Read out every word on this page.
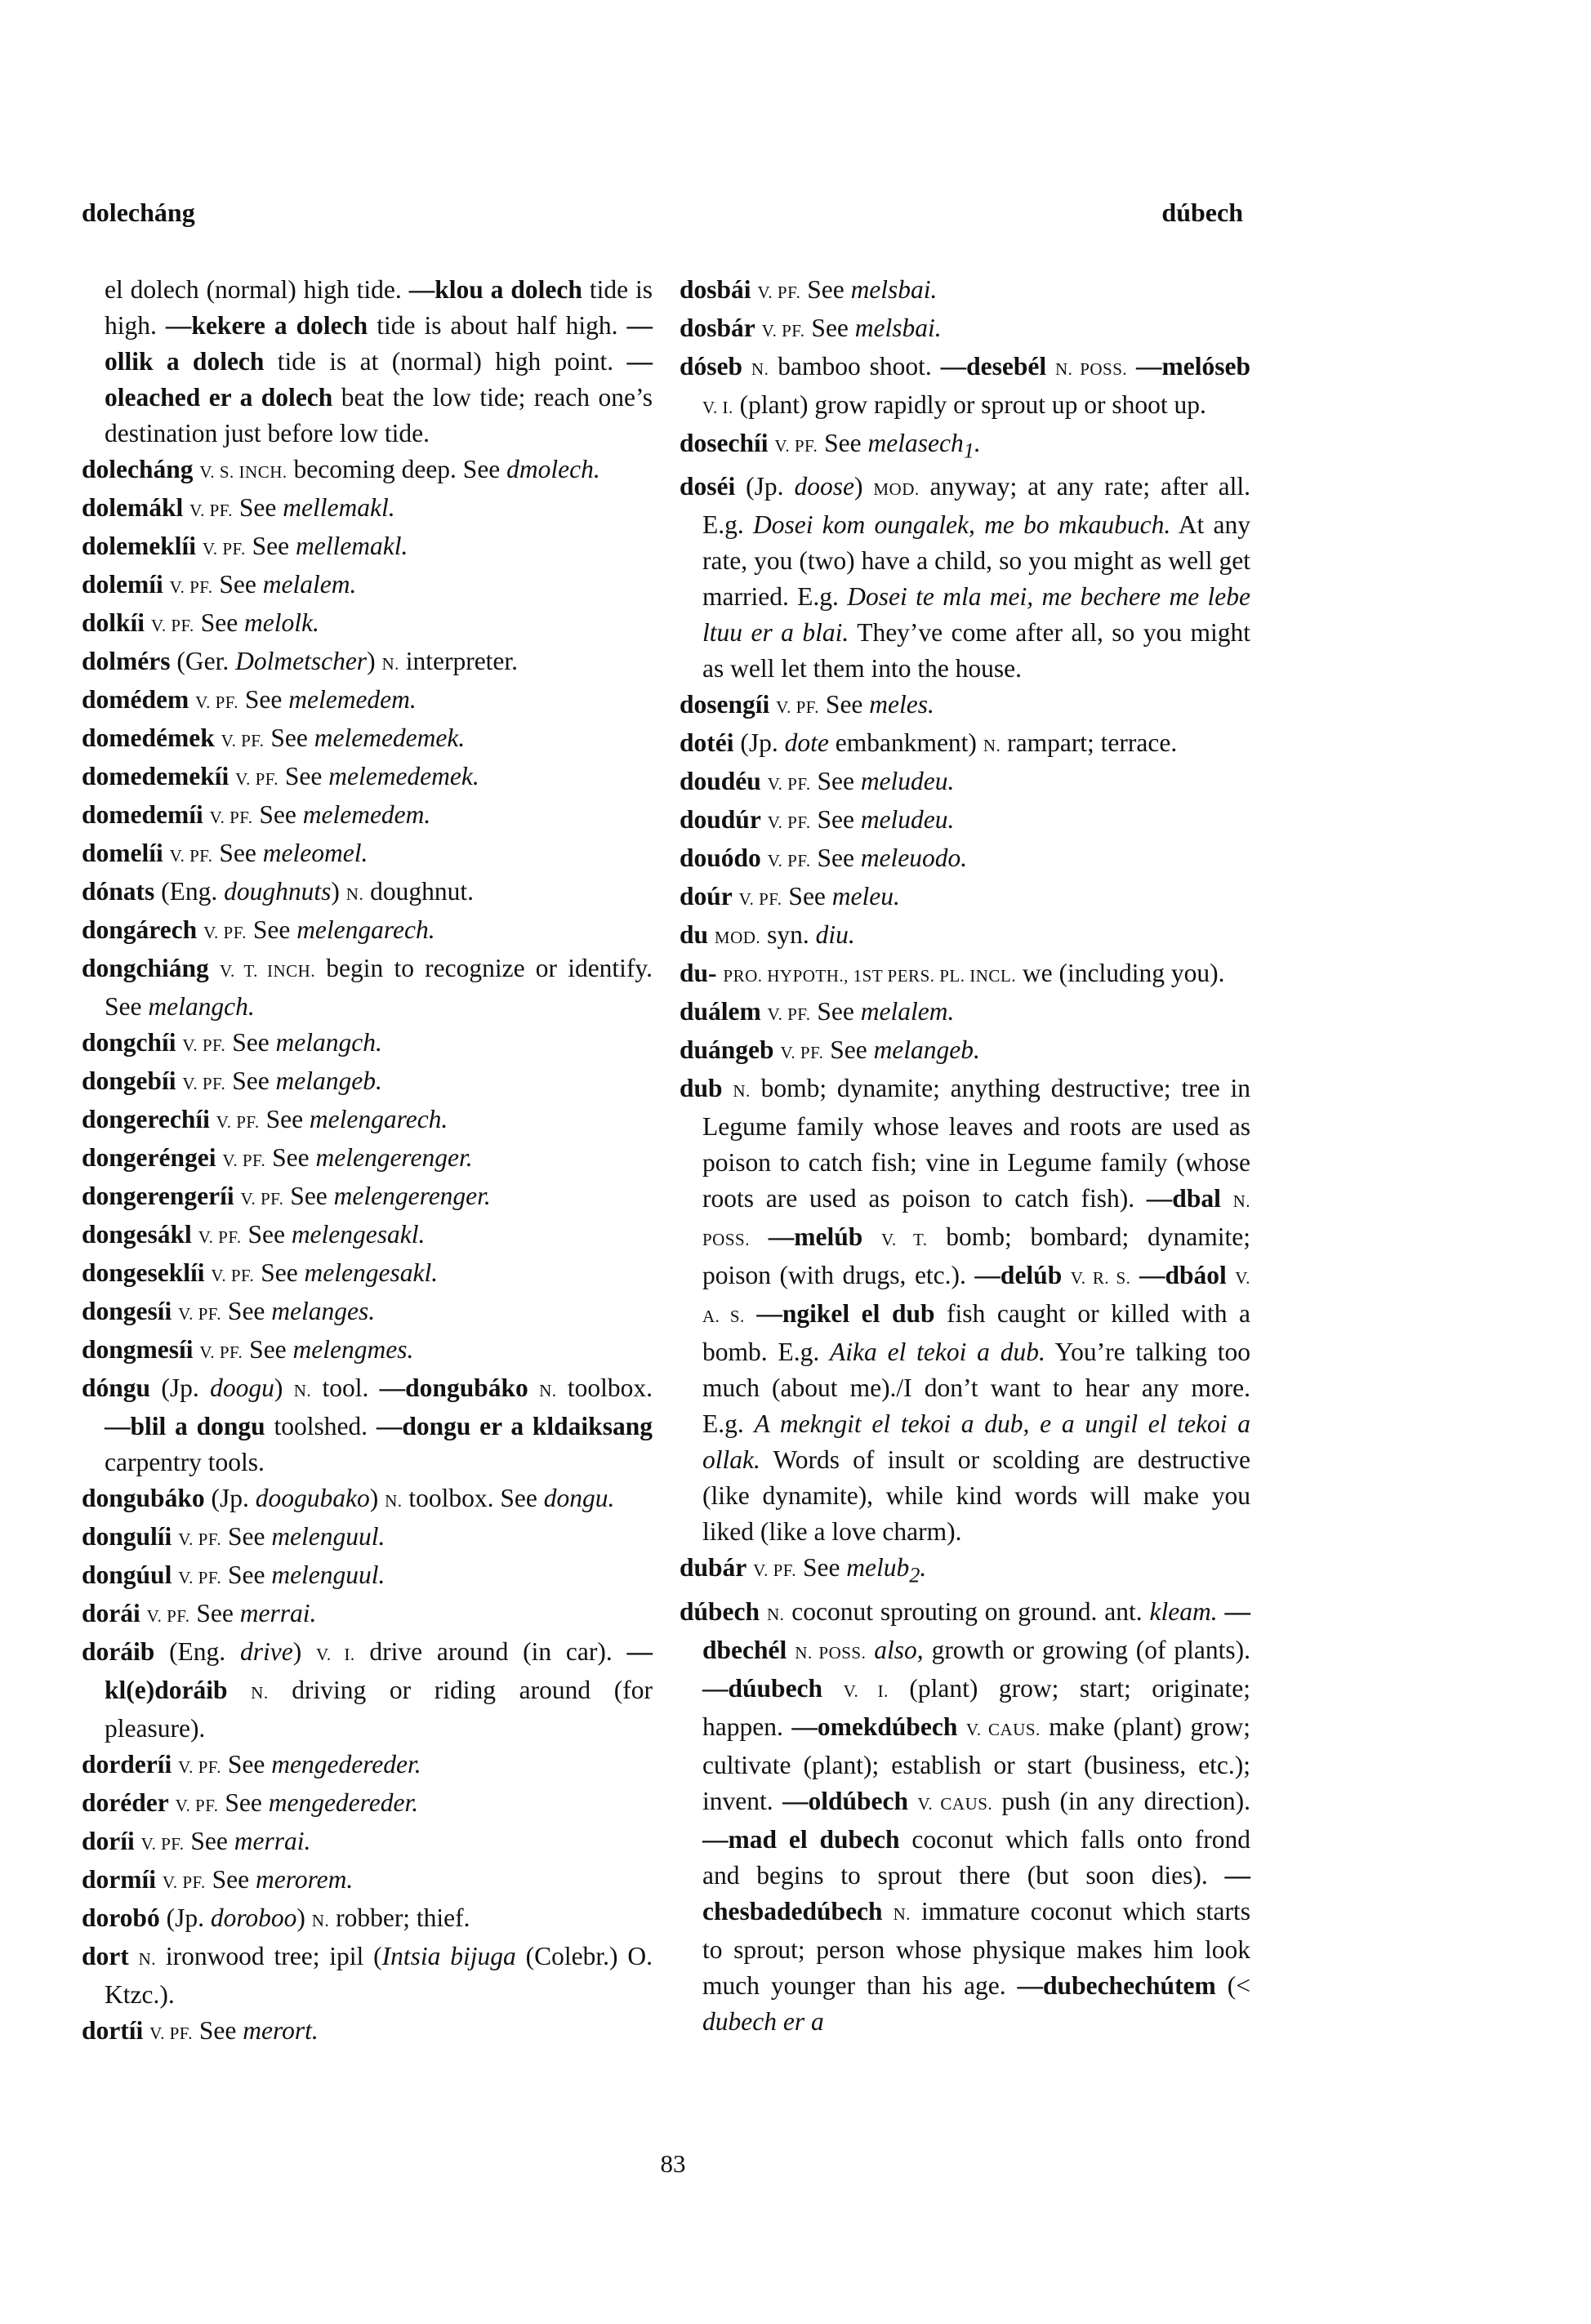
dolecháng	dúbech

el dolech (normal) high tide. —klou a dolech tide is high. —kekere a dolech tide is about half high. —ollik a dolech tide is at (normal) high point. —oleached er a dolech beat the low tide; reach one’s destination just before low tide.

dolecháng V. S. INCH. becoming deep. See dmolech.

dolemákl V. PF. See mellemakl.

dolemeklíi V. PF. See mellemakl.

dolemíi V. PF. See melalem.

dolkíi V. PF. See melolk.

dolmérs (Ger. Dolmetscher) N. interpreter.

domédem V. PF. See melemedem.

domedémek V. PF. See melemedemek.

domedemekíi V. PF. See melemedemek.

domedemíi V. PF. See melemedem.

domelíi V. PF. See meleomel.

dónats (Eng. doughnuts) N. doughnut.

dongárech V. PF. See melengarech.

dongchiáng V. T. INCH. begin to recognize or identify. See melangch.

dongchíi V. PF. See melangch.

dongebíi V. PF. See melangeb.

dongerechíi V. PF. See melengarech.

dongeréngei V. PF. See melengerenger.

dongerengeríi V. PF. See melengerenger.

dongesákl V. PF. See melengesakl.

dongeseklíi V. PF. See melengesakl.

dongesíi V. PF. See melanges.

dongmesíi V. PF. See melengmes.

dóngu (Jp. doogu) N. tool. —dongubáko N. toolbox. —blil a dongu toolshed. —dongu er a kldaiksang carpentry tools.

dongubáko (Jp. doogubako) N. toolbox. See dongu.

dongulíi V. PF. See melenguul.

dongúul V. PF. See melenguul.

dorái V. PF. See merrai.

doráib (Eng. drive) V. I. drive around (in car). —kl(e)doráib N. driving or riding around (for pleasure).

dorderíi V. PF. See mengedereder.

doréder V. PF. See mengedereder.

doríi V. PF. See merrai.

dormíi V. PF. See merorem.

dorobó (Jp. doroboo) N. robber; thief.

dort N. ironwood tree; ipil (Intsia bijuga (Colebr.) O. Ktzc.).

dortíi V. PF. See merort.

dosbái V. PF. See melsbai.

dosbár V. PF. See melsbai.

dóseb N. bamboo shoot. —desebél N. POSS. —melóseb V. I. (plant) grow rapidly or sprout up or shoot up.

dosechíi V. PF. See melasech$_1$.

doséi (Jp. doose) MOD. anyway; at any rate; after all. E.g. Dosei kom oungalek, me bo mkaubuch. At any rate, you (two) have a child, so you might as well get married. E.g. Dosei te mla mei, me bechere me lebe ltuu er a blai. They’ve come after all, so you might as well let them into the house.

dosengíi V. PF. See meles.

dotéi (Jp. dote embankment) N. rampart; terrace.

doudéu V. PF. See meludeu.

doudúr V. PF. See meludeu.

douódo V. PF. See meleuodo.

doúr V. PF. See meleu.

du MOD. syn. diu.

du- PRO. HYPOTH., 1ST PERS. PL. INCL. we (including you).

duálem V. PF. See melalem.

duángeb V. PF. See melangeb.

dub N. bomb; dynamite; anything destructive; tree in Legume family whose leaves and roots are used as poison to catch fish; vine in Legume family (whose roots are used as poison to catch fish). —dbal N. POSS. —melúb V. T. bomb; bombard; dynamite; poison (with drugs, etc.). —delúb V. R. S. —dbáol V. A. S. —ngikel el dub fish caught or killed with a bomb. E.g. Aika el tekoi a dub. You’re talking too much (about me)./I don’t want to hear any more. E.g. A mekngit el tekoi a dub, e a ungil el tekoi a ollak. Words of insult or scolding are destructive (like dynamite), while kind words will make you liked (like a love charm).

dubár V. PF. See melub$_2$.

dúbech N. coconut sprouting on ground. ant. kleam. —dbechél N. POSS. also, growth or growing (of plants). —dúubech V. I. (plant) grow; start; originate; happen. —omekdúbech V. CAUS. make (plant) grow; cultivate (plant); establish or start (business, etc.); invent. —oldúbech V. CAUS. push (in any direction). —mad el dubech coconut which falls onto frond and begins to sprout there (but soon dies). —chesbadedúbech N. immature coconut which starts to sprout; person whose physique makes him look much younger than his age. —dubechechútem (< dubech er a

83
